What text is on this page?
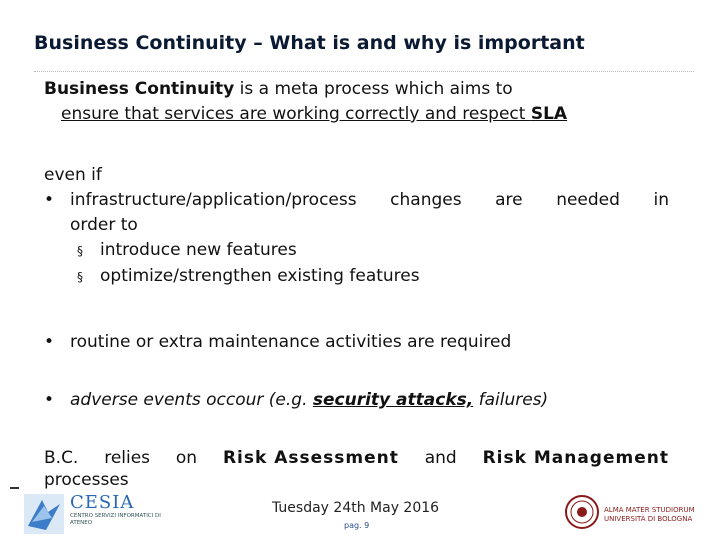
Business Continuity – What is and why is important
Business Continuity is a meta process which aims to
ensure that services are working correctly and respect SLA
even if
• infrastructure/application/process changes are needed in
order to
§ introduce new features
§ optimize/strengthen existing features
• routine or extra maintenance activities are required
• adverse events occour (e.g. security attacks, failures)
B.C. relies on Risk Assessment and Risk Management
processes
CESIA
CENTRO SERVIZI INFORMATICI DI ATENEO
Tuesday 24th May 2016
pag. 9
ALMA MATER STUDIORUM UNIVERSITÀ DI BOLOGNA
